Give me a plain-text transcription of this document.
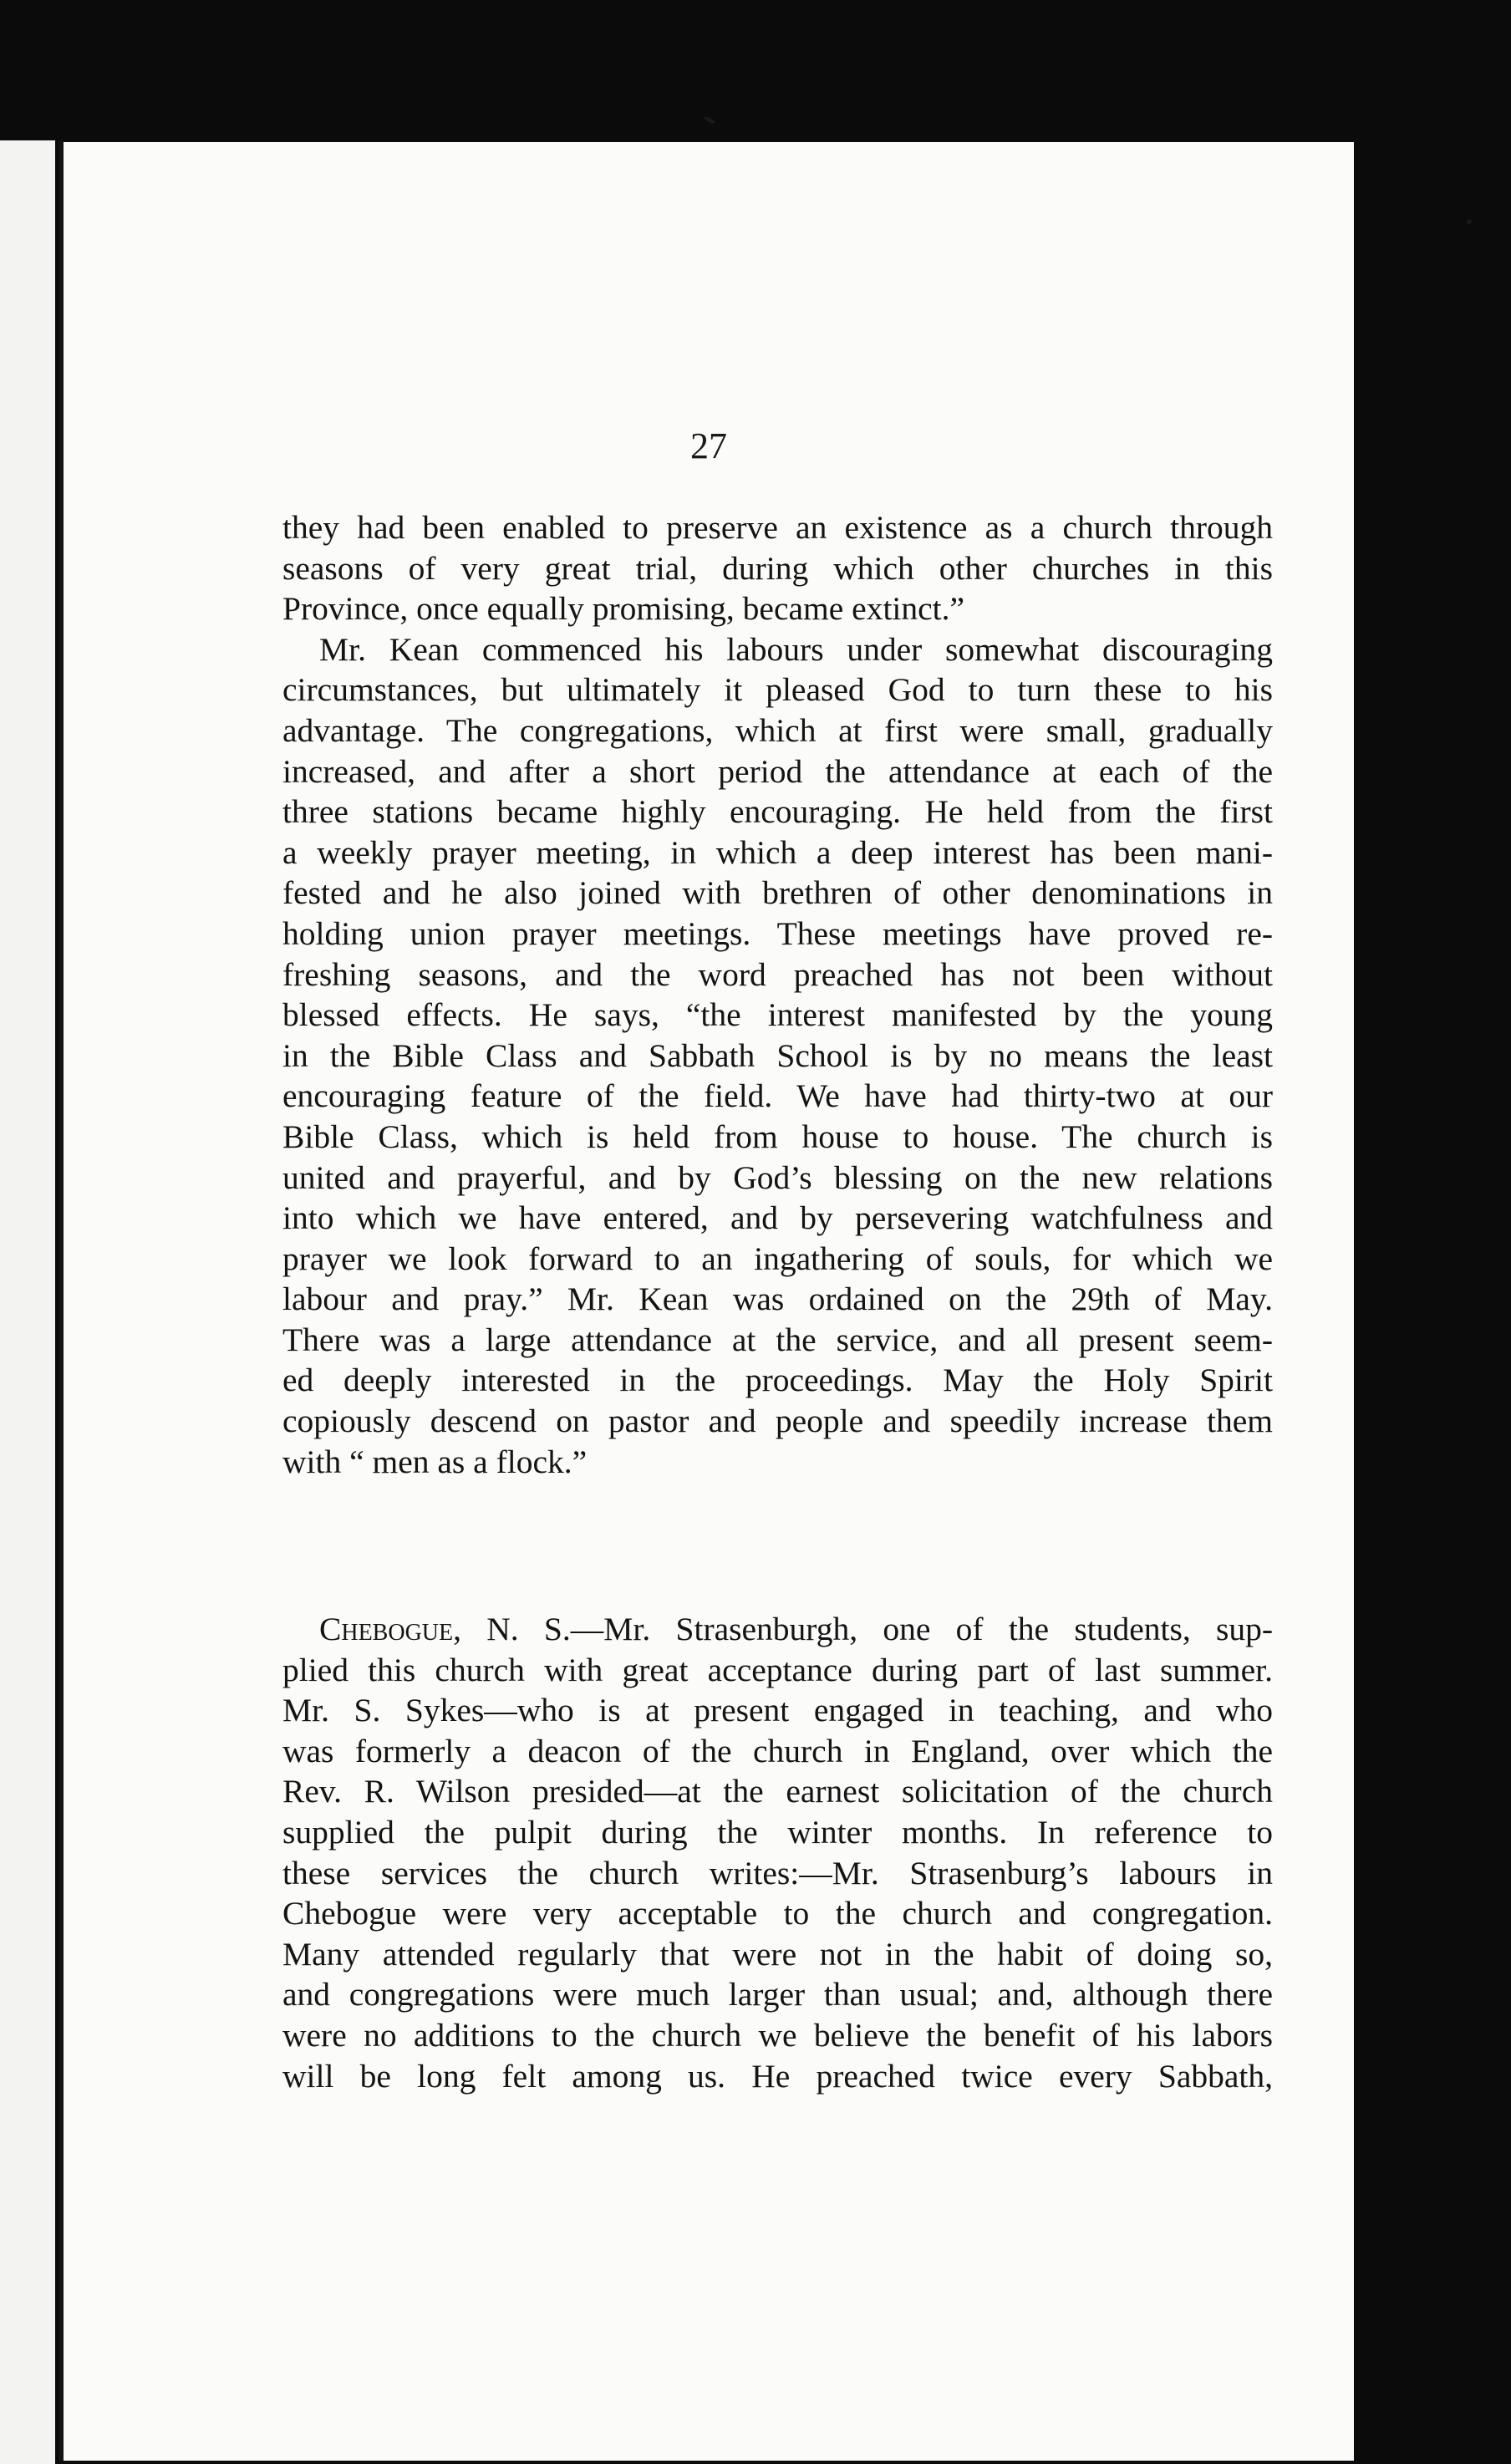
27
they had been enabled to preserve an existence as a church through
seasons of very great trial, during which other churches in this
Province, once equally promising, became extinct.”
Mr. Kean commenced his labours under somewhat discouraging
circumstances, but ultimately it pleased God to turn these to his
advantage. The congregations, which at first were small, gradually
increased, and after a short period the attendance at each of the
three stations became highly encouraging. He held from the first
a weekly prayer meeting, in which a deep interest has been mani-
fested and he also joined with brethren of other denominations in
holding union prayer meetings. These meetings have proved re-
freshing seasons, and the word preached has not been without
blessed effects. He says, “the interest manifested by the young
in the Bible Class and Sabbath School is by no means the least
encouraging feature of the field. We have had thirty-two at our
Bible Class, which is held from house to house. The church is
united and prayerful, and by God’s blessing on the new relations
into which we have entered, and by persevering watchfulness and
prayer we look forward to an ingathering of souls, for which we
labour and pray.” Mr. Kean was ordained on the 29th of May.
There was a large attendance at the service, and all present seem-
ed deeply interested in the proceedings. May the Holy Spirit
copiously descend on pastor and people and speedily increase them
with “ men as a flock.”
Chebogue, N. S.—Mr. Strasenburgh, one of the students, sup-
plied this church with great acceptance during part of last summer.
Mr. S. Sykes—who is at present engaged in teaching, and who
was formerly a deacon of the church in England, over which the
Rev. R. Wilson presided—at the earnest solicitation of the church
supplied the pulpit during the winter months. In reference to
these services the church writes:—Mr. Strasenburg’s labours in
Chebogue were very acceptable to the church and congregation.
Many attended regularly that were not in the habit of doing so,
and congregations were much larger than usual; and, although there
were no additions to the church we believe the benefit of his labors
will be long felt among us. He preached twice every Sabbath,
